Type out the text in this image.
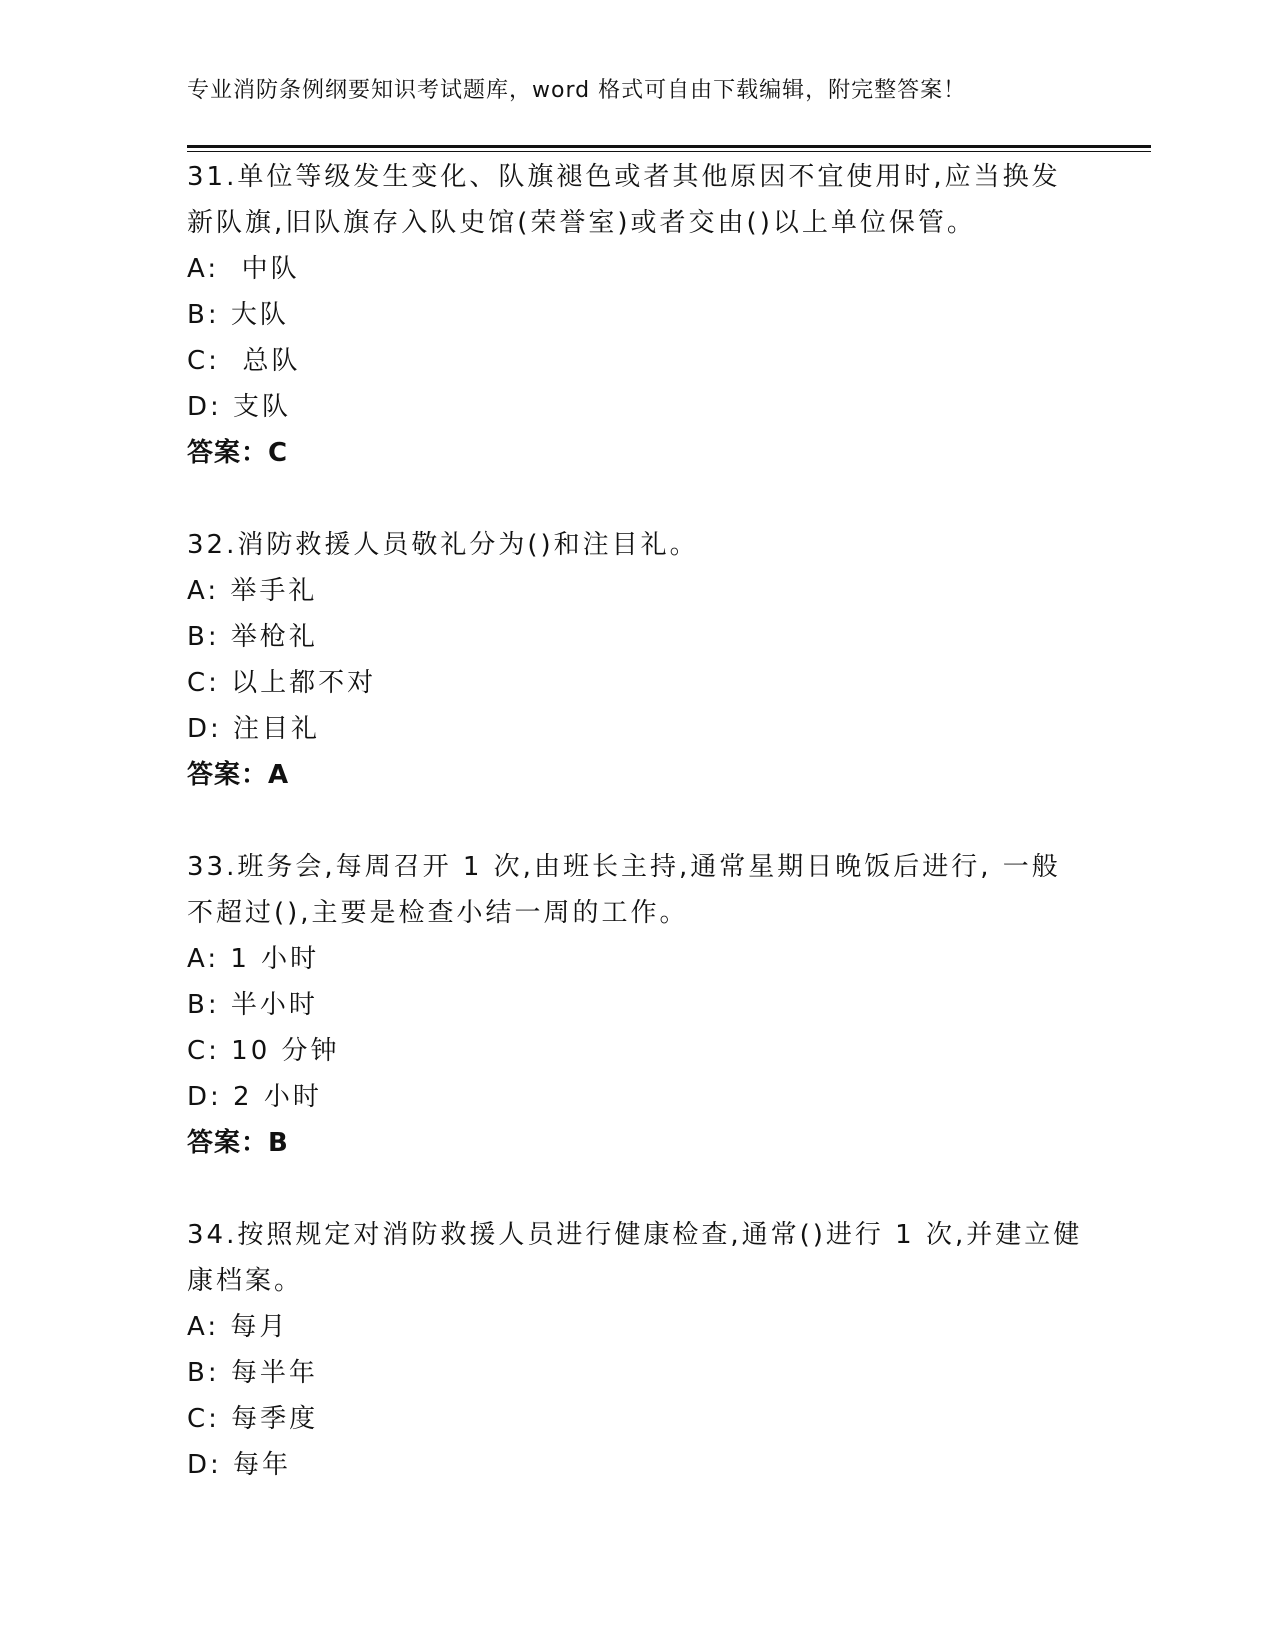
专业消防条例纲要知识考试题库，word 格式可自由下载编辑，附完整答案！
31.单位等级发生变化、队旗褪色或者其他原因不宜使用时,应当换发新队旗,旧队旗存入队史馆(荣誉室)或者交由()以上单位保管。
A:  中队
B: 大队
C:  总队
D: 支队
答案：C
32.消防救援人员敬礼分为()和注目礼。
A: 举手礼
B: 举枪礼
C: 以上都不对
D: 注目礼
答案：A
33.班务会,每周召开 1 次,由班长主持,通常星期日晚饭后进行, 一般不超过(),主要是检查小结一周的工作。
A: 1 小时
B: 半小时
C: 10 分钟
D: 2 小时
答案：B
34.按照规定对消防救援人员进行健康检查,通常()进行 1 次,并建立健康档案。
A: 每月
B: 每半年
C: 每季度
D: 每年
